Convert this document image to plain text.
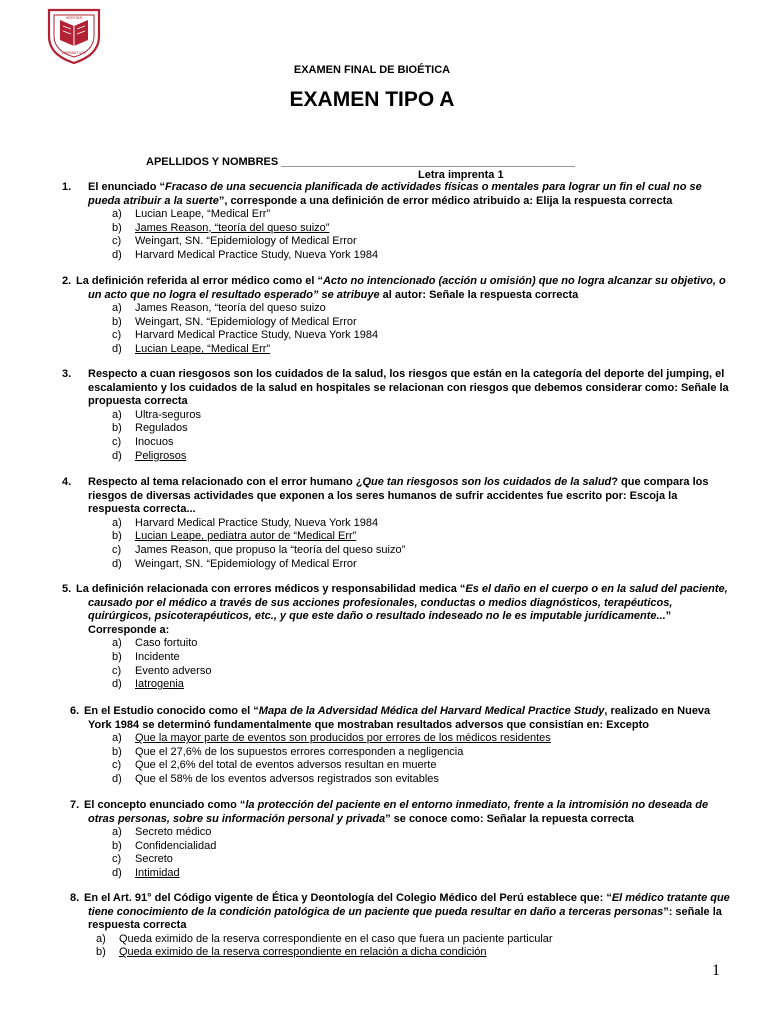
VERITAS
LIBERABIT VOS
EXAMEN FINAL DE BIOÉTICA
EXAMEN TIPO A
APELLIDOS Y NOMBRES ________________________________________________
Letra imprenta 1
1. El enunciado “Fracaso de una secuencia planificada de actividades físicas o mentales para lograr un fin el cual no se pueda atribuir a la suerte”, corresponde a una definición de error médico atribuido a: Elija la respuesta correcta
a) Lucian Leape, “Medical Err”
b) James Reason, “teoría del queso suizo”
c) Weingart, SN. “Epidemiology of Medical Error
d) Harvard Medical Practice Study, Nueva York 1984
2. La definición referida al error médico como el “Acto no intencionado (acción u omisión) que no logra alcanzar su objetivo, o un acto que no logra el resultado esperado” se atribuye al autor: Señale la respuesta correcta
a) James Reason, “teoría del queso suizo
b) Weingart, SN. “Epidemiology of Medical Error
c) Harvard Medical Practice Study, Nueva York 1984
d) Lucian Leape, “Medical Err”
3. Respecto a cuan riesgosos son los cuidados de la salud, los riesgos que están en la categoría del deporte del jumping, el escalamiento y los cuidados de la salud en hospitales se relacionan con riesgos que debemos considerar como: Señale la propuesta correcta
a) Ultra-seguros
b) Regulados
c) Inocuos
d) Peligrosos
4. Respecto al tema relacionado con el error humano ¿Que tan riesgosos son los cuidados de la salud? que compara los riesgos de diversas actividades que exponen a los seres humanos de sufrir accidentes fue escrito por: Escoja la respuesta correcta...
a) Harvard Medical Practice Study, Nueva York 1984
b) Lucian Leape, pediatra autor de “Medical Err”
c) James Reason, que propuso la “teoría del queso suizo”
d) Weingart, SN. “Epidemiology of Medical Error
5. La definición relacionada con errores médicos y responsabilidad medica “Es el daño en el cuerpo o en la salud del paciente, causado por el médico a través de sus acciones profesionales, conductas o medios diagnósticos, terapéuticos, quirúrgicos, psicoterapéuticos, etc., y que este daño o resultado indeseado no le es imputable jurídicamente...” Corresponde a:
a) Caso fortuito
b) Incidente
c) Evento adverso
d) Iatrogenia
6. En el Estudio conocido como el “Mapa de la Adversidad Médica del Harvard Medical Practice Study, realizado en Nueva York 1984 se determinó fundamentalmente que mostraban resultados adversos que consistían en: Excepto
a) Que la mayor parte de eventos son producidos por errores de los médicos residentes
b) Que el 27,6% de los supuestos errores corresponden a negligencia
c) Que el 2,6% del total de eventos adversos resultan en muerte
d) Que el 58% de los eventos adversos registrados son evitables
7. El concepto enunciado como “la protección del paciente en el entorno inmediato, frente a la intromisión no deseada de otras personas, sobre su información personal y privada” se conoce como: Señalar la repuesta correcta
a) Secreto médico
b) Confidencialidad
c) Secreto
d) Intimidad
8. En el Art. 91° del Código vigente de Ética y Deontología del Colegio Médico del Perú establece que: “El médico tratante que tiene conocimiento de la condición patológica de un paciente que pueda resultar en daño a terceras personas”: señale la respuesta correcta
a) Queda eximido de la reserva correspondiente en el caso que fuera un paciente particular
b) Queda eximido de la reserva correspondiente en relación a dicha condición
1
